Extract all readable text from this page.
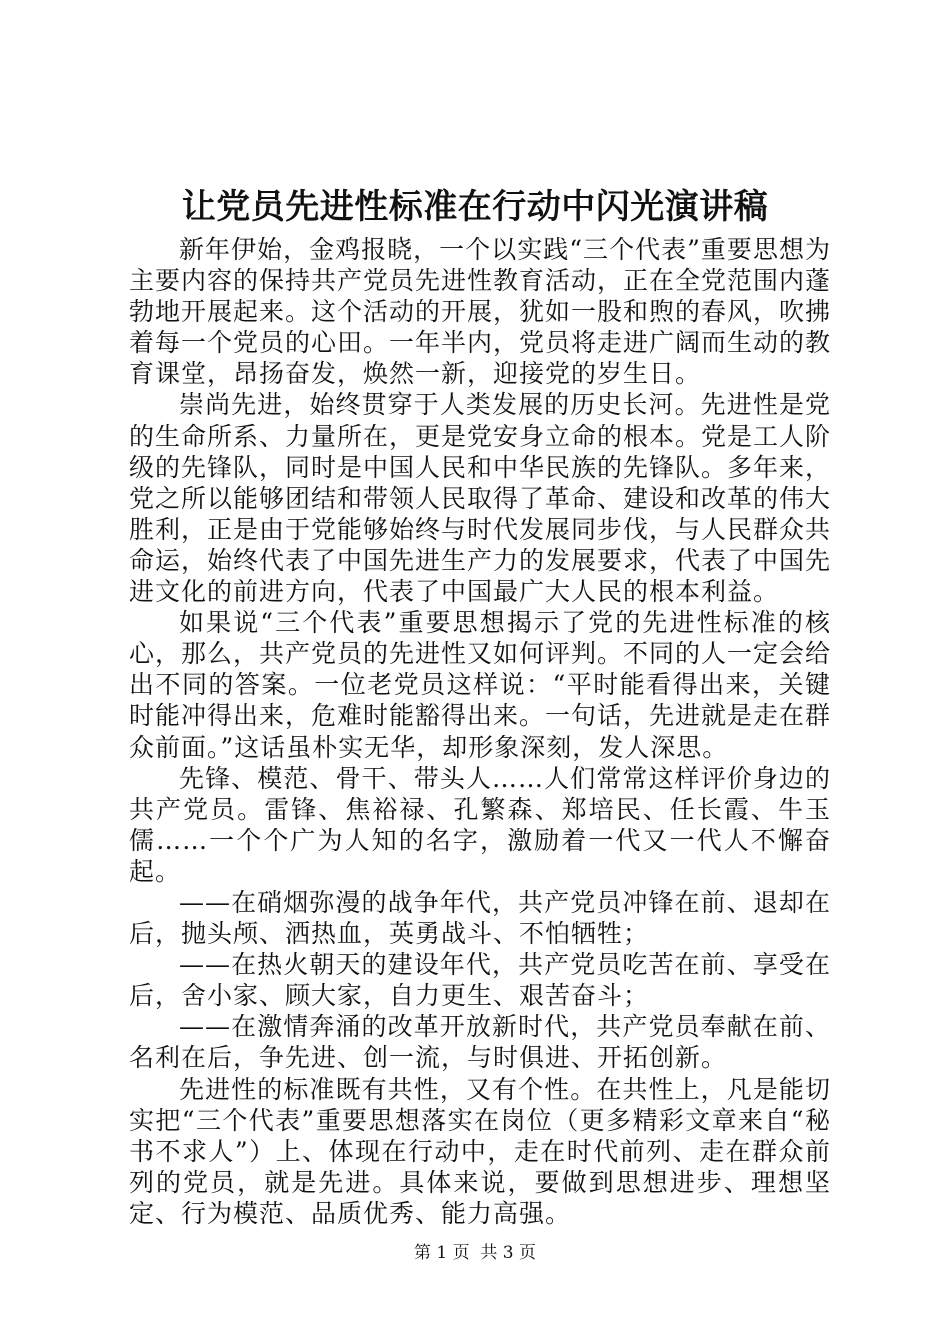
让党员先进性标准在行动中闪光演讲稿

新年伊始，金鸡报晓，一个以实践“三个代表”重要思想为主要内容的保持共产党员先进性教育活动，正在全党范围内蓬勃地开展起来。这个活动的开展，犹如一股和煦的春风，吹拂着每一个党员的心田。一年半内，党员将走进广阔而生动的教育课堂，昂扬奋发，焕然一新，迎接党的岁生日。

崇尚先进，始终贯穿于人类发展的历史长河。先进性是党的生命所系、力量所在，更是党安身立命的根本。党是工人阶级的先锋队，同时是中国人民和中华民族的先锋队。多年来，党之所以能够团结和带领人民取得了革命、建设和改革的伟大胜利，正是由于党能够始终与时代发展同步伐，与人民群众共命运，始终代表了中国先进生产力的发展要求，代表了中国先进文化的前进方向，代表了中国最广大人民的根本利益。

如果说“三个代表”重要思想揭示了党的先进性标准的核心，那么，共产党员的先进性又如何评判。不同的人一定会给出不同的答案。一位老党员这样说：“平时能看得出来，关键时能冲得出来，危难时能豁得出来。一句话，先进就是走在群众前面。”这话虽朴实无华，却形象深刻，发人深思。

先锋、模范、骨干、带头人……人们常常这样评价身边的共产党员。雷锋、焦裕禄、孔繁森、郑培民、任长霞、牛玉儒……一个个广为人知的名字，激励着一代又一代人不懈奋起。

——在硝烟弥漫的战争年代，共产党员冲锋在前、退却在后，抛头颅、洒热血，英勇战斗、不怕牺牲；

——在热火朝天的建设年代，共产党员吃苦在前、享受在后，舍小家、顾大家，自力更生、艰苦奋斗；

——在激情奔涌的改革开放新时代，共产党员奉献在前、名利在后，争先进、创一流，与时俱进、开拓创新。

先进性的标准既有共性，又有个性。在共性上，凡是能切实把“三个代表”重要思想落实在岗位（更多精彩文章来自“秘书不求人”）上、体现在行动中，走在时代前列、走在群众前列的党员，就是先进。具体来说，要做到思想进步、理想坚定、行为模范、品质优秀、能力高强。

第 1 页  共 3 页
